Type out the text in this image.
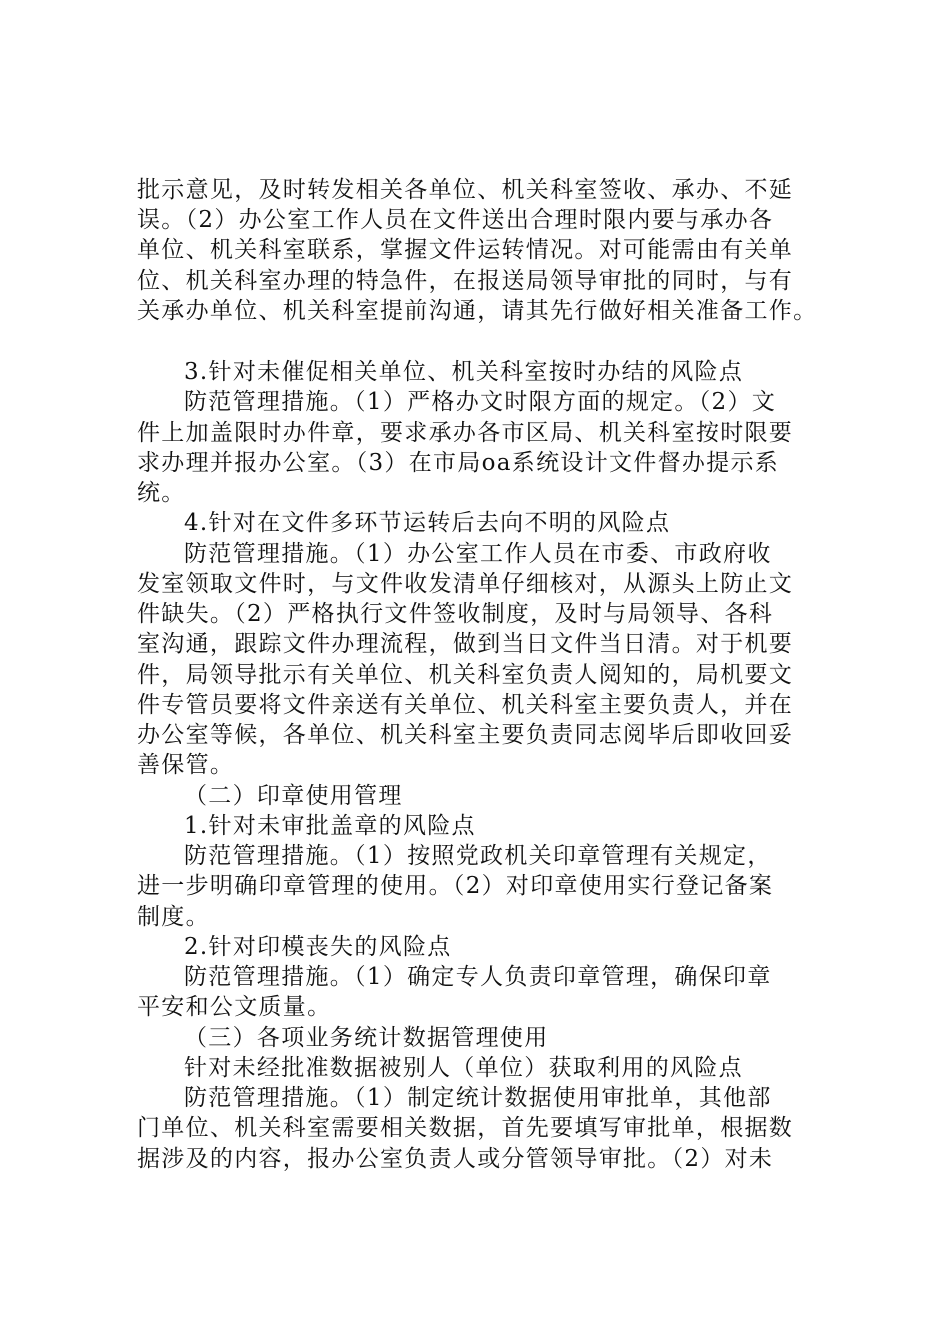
批示意见，及时转发相关各单位、机关科室签收、承办、不延
误。（2）办公室工作人员在文件送出合理时限内要与承办各
单位、机关科室联系，掌握文件运转情况。对可能需由有关单
位、机关科室办理的特急件，在报送局领导审批的同时，与有
关承办单位、机关科室提前沟通，请其先行做好相关准备工作。
3.针对未催促相关单位、机关科室按时办结的风险点
防范管理措施。（1）严格办文时限方面的规定。（2）文
件上加盖限时办件章，要求承办各市区局、机关科室按时限要
求办理并报办公室。（3）在市局oa系统设计文件督办提示系
统。
4.针对在文件多环节运转后去向不明的风险点
防范管理措施。（1）办公室工作人员在市委、市政府收
发室领取文件时，与文件收发清单仔细核对，从源头上防止文
件缺失。（2）严格执行文件签收制度，及时与局领导、各科
室沟通，跟踪文件办理流程，做到当日文件当日清。对于机要
件，局领导批示有关单位、机关科室负责人阅知的，局机要文
件专管员要将文件亲送有关单位、机关科室主要负责人，并在
办公室等候，各单位、机关科室主要负责同志阅毕后即收回妥
善保管。
（二）印章使用管理
1.针对未审批盖章的风险点
防范管理措施。（1）按照党政机关印章管理有关规定，
进一步明确印章管理的使用。（2）对印章使用实行登记备案
制度。
2.针对印模丧失的风险点
防范管理措施。（1）确定专人负责印章管理，确保印章
平安和公文质量。
（三）各项业务统计数据管理使用
针对未经批准数据被别人（单位）获取利用的风险点
防范管理措施。（1）制定统计数据使用审批单，其他部
门单位、机关科室需要相关数据，首先要填写审批单，根据数
据涉及的内容，报办公室负责人或分管领导审批。（2）对未
